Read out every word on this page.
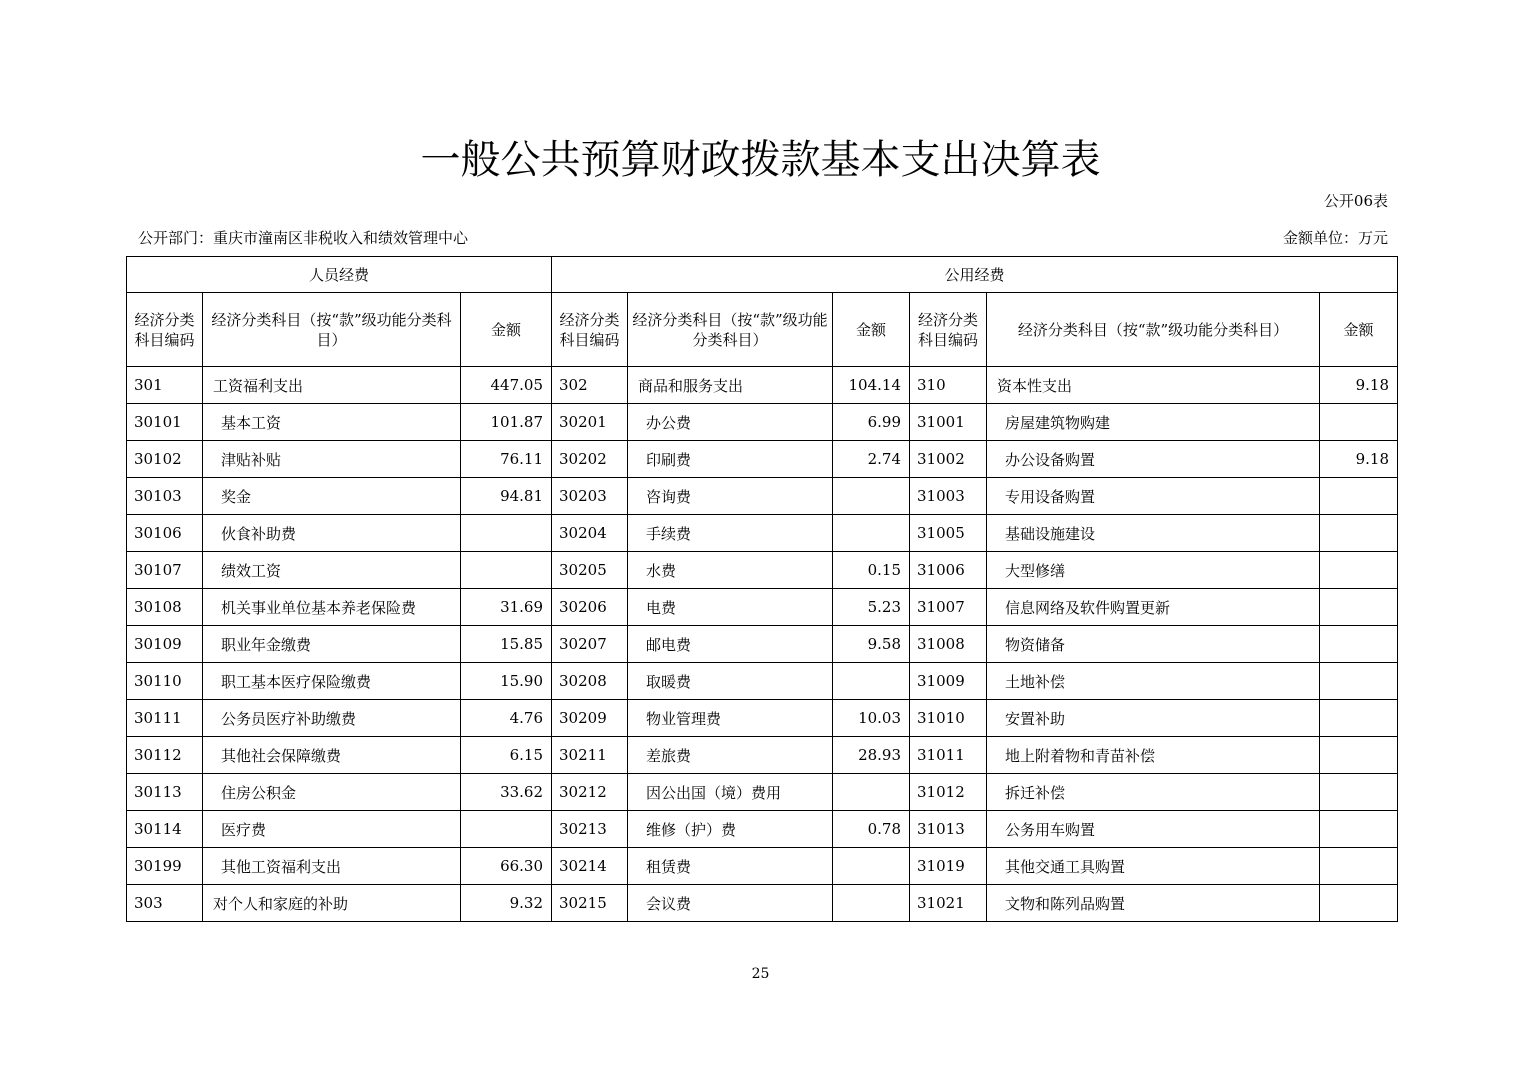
一般公共预算财政拨款基本支出决算表
公开06表
公开部门：重庆市潼南区非税收入和绩效管理中心	金额单位：万元
人员经费			公用经费					
经济分类科目编码	经济分类科目（按“款”级功能分类科目）	金额	经济分类科目编码	经济分类科目（按“款”级功能分类科目）	金额	经济分类科目编码	经济分类科目（按“款”级功能分类科目）	金额
301	工资福利支出	447.05	302	商品和服务支出	104.14	310	资本性支出	9.18
30101	基本工资	101.87	30201	办公费	6.99	31001	房屋建筑物购建	
30102	津贴补贴	76.11	30202	印刷费	2.74	31002	办公设备购置	9.18
30103	奖金	94.81	30203	咨询费		31003	专用设备购置	
30106	伙食补助费		30204	手续费		31005	基础设施建设	
30107	绩效工资		30205	水费	0.15	31006	大型修缮	
30108	机关事业单位基本养老保险费	31.69	30206	电费	5.23	31007	信息网络及软件购置更新	
30109	职业年金缴费	15.85	30207	邮电费	9.58	31008	物资储备	
30110	职工基本医疗保险缴费	15.90	30208	取暖费		31009	土地补偿	
30111	公务员医疗补助缴费	4.76	30209	物业管理费	10.03	31010	安置补助	
30112	其他社会保障缴费	6.15	30211	差旅费	28.93	31011	地上附着物和青苗补偿	
30113	住房公积金	33.62	30212	因公出国（境）费用		31012	拆迁补偿	
30114	医疗费		30213	维修（护）费	0.78	31013	公务用车购置	
30199	其他工资福利支出	66.30	30214	租赁费		31019	其他交通工具购置	
303	对个人和家庭的补助	9.32	30215	会议费		31021	文物和陈列品购置	
25
